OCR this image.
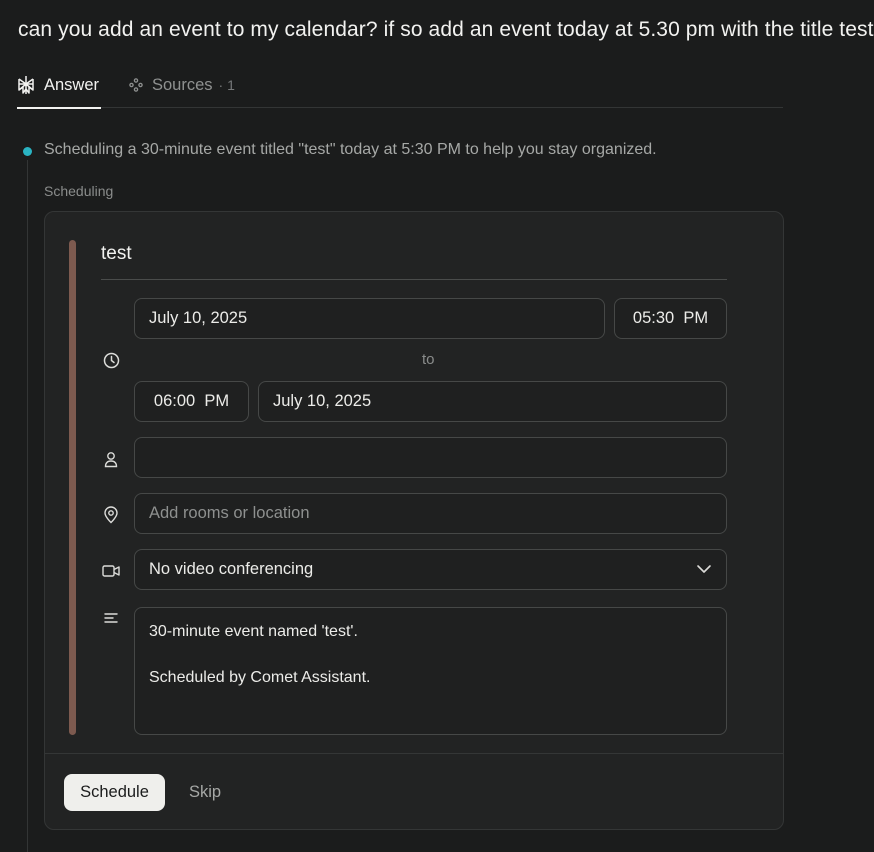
can you add an event to my calendar? if so add an event today at 5.30 pm with the title test
Answer	Sources · 1
Scheduling a 30-minute event titled "test" today at 5:30 PM to help you stay organized.
Scheduling
test
July 10, 2025	05:30  PM
to
06:00  PM	July 10, 2025
Add rooms or location
No video conferencing
30-minute event named 'test'.

Scheduled by Comet Assistant.
Schedule	Skip
